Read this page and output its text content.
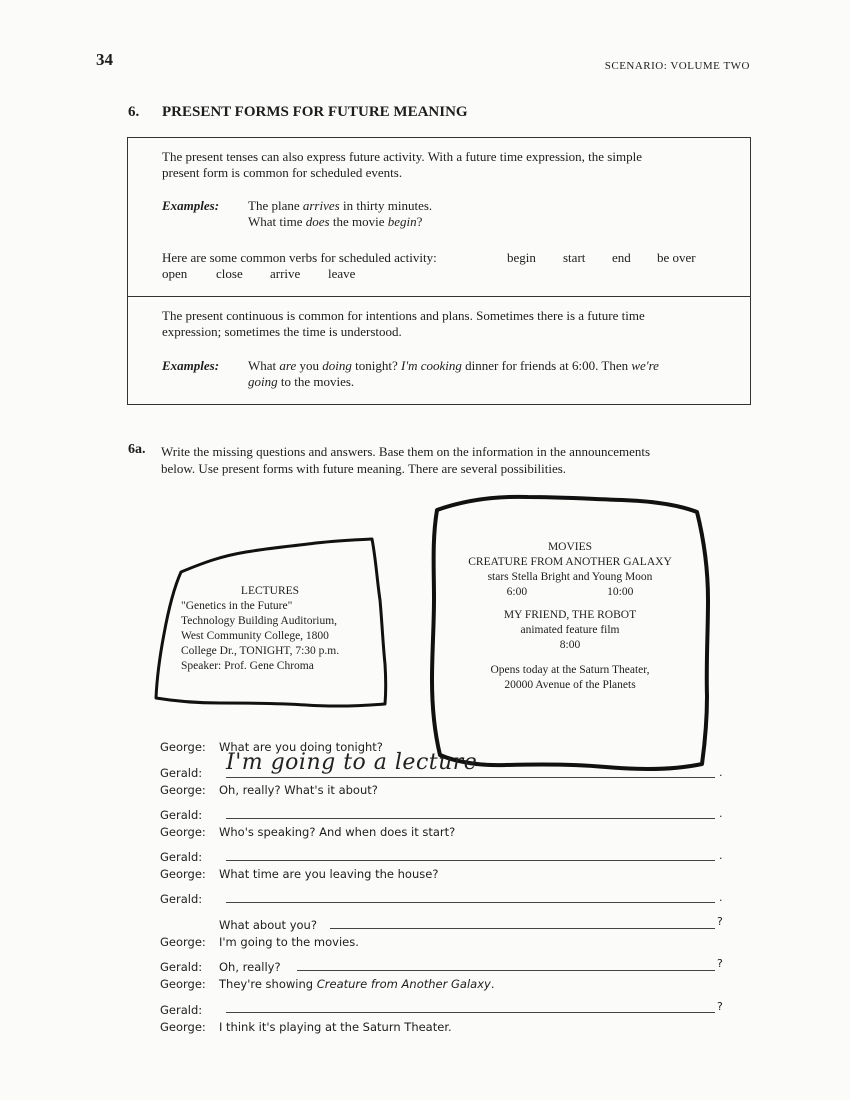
34	SCENARIO: VOLUME TWO
6. PRESENT FORMS FOR FUTURE MEANING
The present tenses can also express future activity. With a future time expression, the simple
present form is common for scheduled events.
Examples: The plane arrives in thirty minutes.
What time does the movie begin?
Here are some common verbs for scheduled activity:	begin start end be over
open close arrive leave
The present continuous is common for intentions and plans. Sometimes there is a future time
expression; sometimes the time is understood.
Examples: What are you doing tonight? I'm cooking dinner for friends at 6:00. Then we're
going to the movies.
6a. Write the missing questions and answers. Base them on the information in the announcements
below. Use present forms with future meaning. There are several possibilities.
LECTURES
"Genetics in the Future"
Technology Building Auditorium,
West Community College, 1800
College Dr., TONIGHT, 7:30 p.m.
Speaker: Prof. Gene Chroma
MOVIES
CREATURE FROM ANOTHER GALAXY
stars Stella Bright and Young Moon
6:00	10:00
MY FRIEND, THE ROBOT
animated feature film
8:00
Opens today at the Saturn Theater,
20000 Avenue of the Planets
George:	What are you doing tonight?
Gerald:	I'm going to a lecture	.
George:	Oh, really? What's it about?
Gerald:	.
George:	Who's speaking? And when does it start?
Gerald:	.
George:	What time are you leaving the house?
Gerald:	.
What about you?	?
George:	I'm going to the movies.
Gerald:	Oh, really?	?
George:	They're showing Creature from Another Galaxy.
Gerald:	?
George:	I think it's playing at the Saturn Theater.
